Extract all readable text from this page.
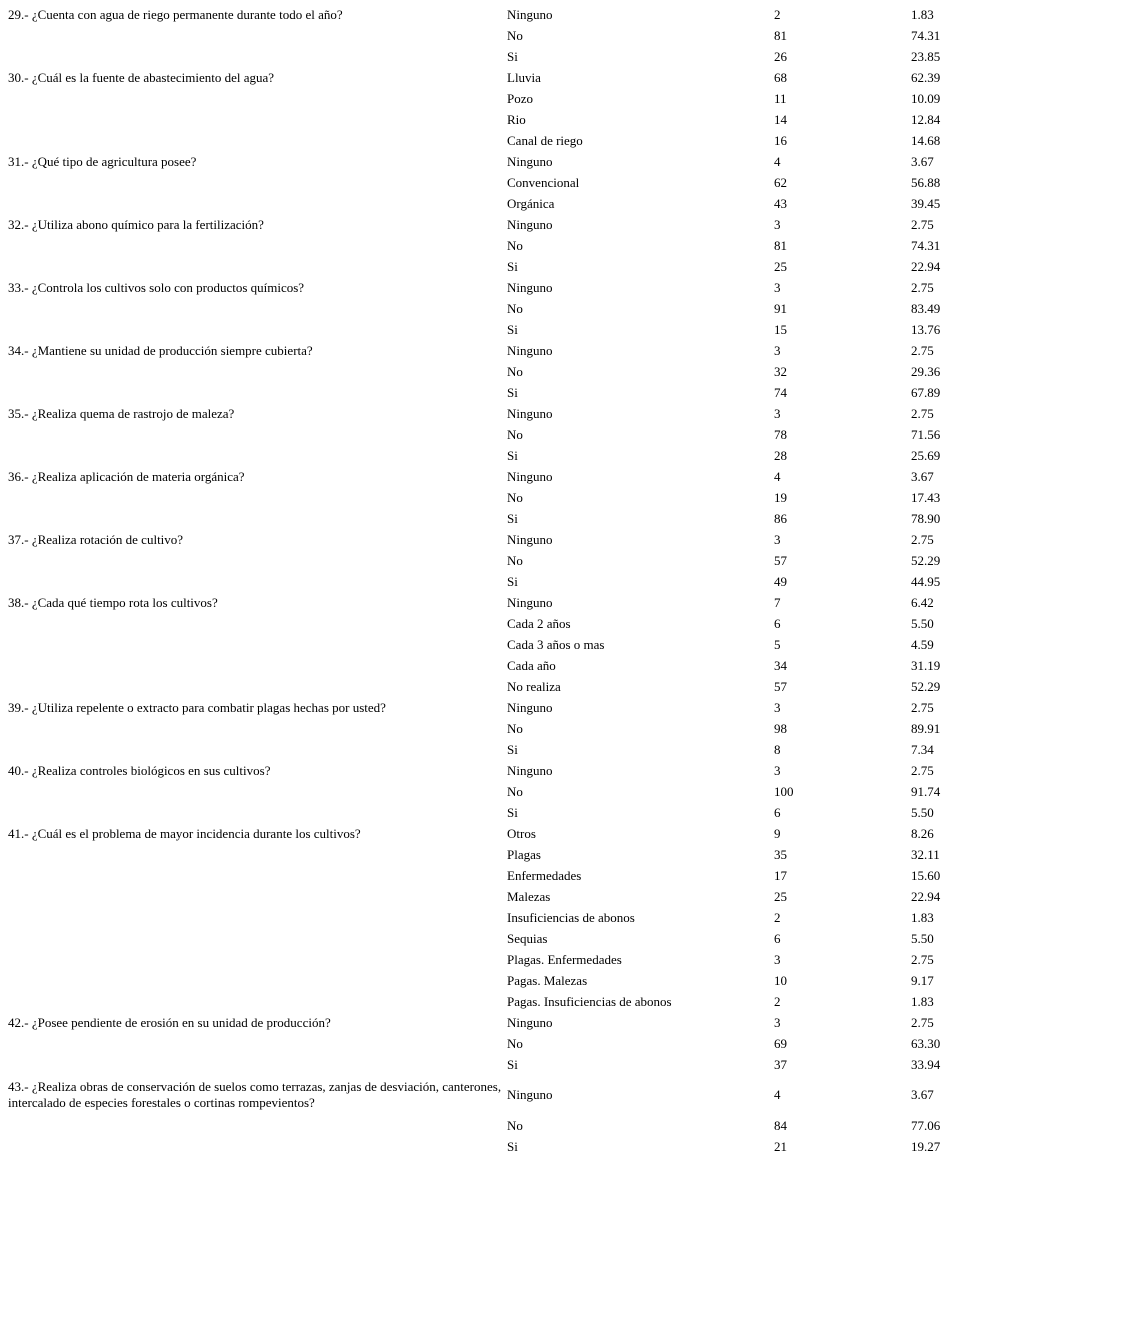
29.- ¿Cuenta con agua de riego permanente durante todo el año?	Ninguno	2	1.83
	No	81	74.31
	Si	26	23.85
30.- ¿Cuál es la fuente de abastecimiento del agua?	Lluvia	68	62.39
	Pozo	11	10.09
	Rio	14	12.84
	Canal de riego	16	14.68
31.- ¿Qué tipo de agricultura posee?	Ninguno	4	3.67
	Convencional	62	56.88
	Orgánica	43	39.45
32.- ¿Utiliza abono químico para la fertilización?	Ninguno	3	2.75
	No	81	74.31
	Si	25	22.94
33.- ¿Controla los cultivos solo con productos químicos?	Ninguno	3	2.75
	No	91	83.49
	Si	15	13.76
34.- ¿Mantiene su unidad de producción siempre cubierta?	Ninguno	3	2.75
	No	32	29.36
	Si	74	67.89
35.- ¿Realiza quema de rastrojo de maleza?	Ninguno	3	2.75
	No	78	71.56
	Si	28	25.69
36.- ¿Realiza aplicación de materia orgánica?	Ninguno	4	3.67
	No	19	17.43
	Si	86	78.90
37.- ¿Realiza rotación de cultivo?	Ninguno	3	2.75
	No	57	52.29
	Si	49	44.95
38.- ¿Cada qué tiempo rota los cultivos?	Ninguno	7	6.42
	Cada 2 años	6	5.50
	Cada 3 años o mas	5	4.59
	Cada año	34	31.19
	No realiza	57	52.29
39.- ¿Utiliza repelente o extracto para combatir plagas hechas por usted?	Ninguno	3	2.75
	No	98	89.91
	Si	8	7.34
40.- ¿Realiza controles biológicos en sus cultivos?	Ninguno	3	2.75
	No	100	91.74
	Si	6	5.50
41.- ¿Cuál es el problema de mayor incidencia durante los cultivos?	Otros	9	8.26
	Plagas	35	32.11
	Enfermedades	17	15.60
	Malezas	25	22.94
	Insuficiencias de abonos	2	1.83
	Sequias	6	5.50
	Plagas. Enfermedades	3	2.75
	Pagas. Malezas	10	9.17
	Pagas. Insuficiencias de abonos	2	1.83
42.- ¿Posee pendiente de erosión en su unidad de producción?	Ninguno	3	2.75
	No	69	63.30
	Si	37	33.94
43.- ¿Realiza obras de conservación de suelos como terrazas, zanjas de desviación, canterones, intercalado de especies forestales o cortinas rompevientos?	Ninguno	4	3.67
	No	84	77.06
	Si	21	19.27
